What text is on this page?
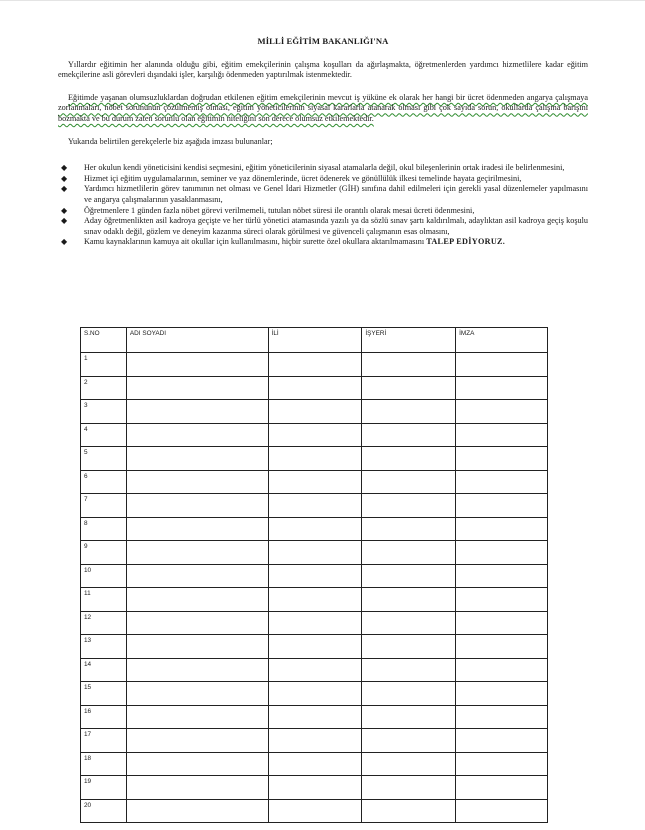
MİLLİ EĞİTİM BAKANLIĞI'NA

Yıllardır eğitimin her alanında olduğu gibi, eğitim emekçilerinin çalışma koşulları da ağırlaşmakta, öğretmenlerden yardımcı hizmetlilere kadar eğitim emekçilerine asli görevleri dışındaki işler, karşılığı ödenmeden yaptırılmak istenmektedir.

Eğitimde yaşanan olumsuzluklardan doğrudan etkilenen eğitim emekçilerinin mevcut iş yüküne ek olarak her hangi bir ücret ödenmeden angarya çalışmaya zorlanmaları, nöbet sorununun çözülmemiş olması, eğitim yöneticilerinin siyasal kararlarla atanarak olması gibi çok sayıda sorun, okullarda çalışma barışını bozmakta ve bu durum zaten sorunlu olan eğitimin niteliğini son derece olumsuz etkilemektedir.

Yukarıda belirtilen gerekçelerle biz aşağıda imzası bulunanlar;

◆ Her okulun kendi yöneticisini kendisi seçmesini, eğitim yöneticilerinin siyasal atamalarla değil, okul bileşenlerinin ortak iradesi ile belirlenmesini,
◆ Hizmet içi eğitim uygulamalarının, seminer ve yaz dönemlerinde, ücret ödenerek ve gönüllülük ilkesi temelinde hayata geçirilmesini,
◆ Yardımcı hizmetlilerin görev tanımının net olması ve Genel İdari Hizmetler (GİH) sınıfına dahil edilmeleri için gerekli yasal düzenlemeler yapılmasını ve angarya çalışmalarının yasaklanmasını,
◆ Öğretmenlere 1 günden fazla nöbet görevi verilmemeli, tutulan nöbet süresi ile orantılı olarak mesai ücreti ödenmesini,
◆ Aday öğretmenlikten asil kadroya geçişte ve her türlü yönetici atamasında yazılı ya da sözlü sınav şartı kaldırılmalı, adaylıktan asil kadroya geçiş koşulu sınav odaklı değil, gözlem ve deneyim kazanma süreci olarak görülmesi ve güvenceli çalışmanın esas olmasını,
◆ Kamu kaynaklarının kamuya ait okullar için kullanılmasını, hiçbir surette özel okullara aktarılmamasını TALEP EDİYORUZ.
S.NO	ADI SOYADI	İLİ	İŞYERİ	İMZA
1				
2				
3				
4				
5				
6				
7				
8				
9				
10				
11				
12				
13				
14				
15				
16				
17				
18				
19				
20				
